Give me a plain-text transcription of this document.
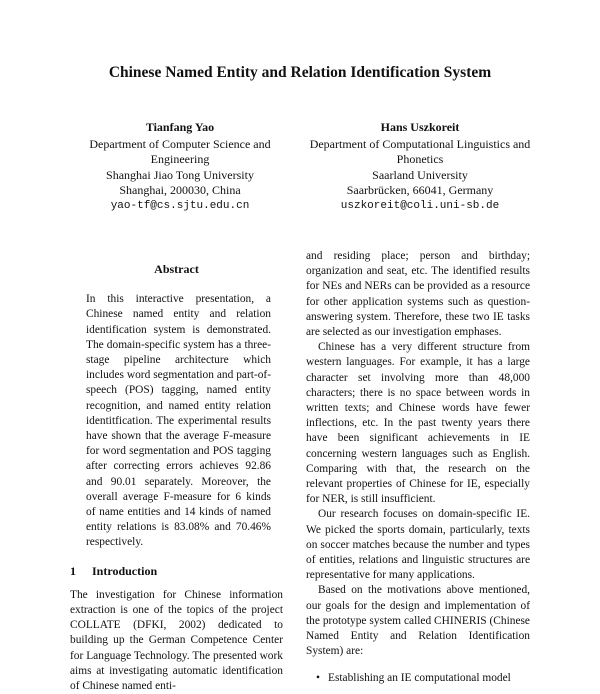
Chinese Named Entity and Relation Identification System
Tianfang Yao
Department of Computer Science and
Engineering
Shanghai Jiao Tong University
Shanghai, 200030, China
yao-tf@cs.sjtu.edu.cn
Hans Uszkoreit
Department of Computational Linguistics and
Phonetics
Saarland University
Saarbrücken, 66041, Germany
uszkoreit@coli.uni-sb.de
Abstract

In this interactive presentation, a Chinese named entity and relation identification system is demonstrated. The domain-specific system has a three-stage pipeline architecture which includes word segmentation and part-of-speech (POS) tagging, named entity recognition, and named entity relation identitfication. The experimental results have shown that the average F-measure for word segmentation and POS tagging after correcting errors achieves 92.86 and 90.01 separately. Moreover, the overall average F-measure for 6 kinds of name entities and 14 kinds of named entity relations is 83.08% and 70.46% respectively.

1 Introduction

The investigation for Chinese information extraction is one of the topics of the project COLLATE (DFKI, 2002) dedicated to building up the German Competence Center for Language Technology. The presented work aims at investigating automatic identification of Chinese named enti-

and residing place; person and birthday; organization and seat, etc. The identified results for NEs and NERs can be provided as a resource for other application systems such as question-answering system. Therefore, these two IE tasks are selected as our investigation emphases.

Chinese has a very different structure from western languages. For example, it has a large character set involving more than 48,000 characters; there is no space between words in written texts; and Chinese words have fewer inflections, etc. In the past twenty years there have been significant achievements in IE concerning western languages such as English. Comparing with that, the research on the relevant properties of Chinese for IE, especially for NER, is still insufficient.

Our research focuses on domain-specific IE. We picked the sports domain, particularly, texts on soccer matches because the number and types of entities, relations and linguistic structures are representative for many applications.

Based on the motivations above mentioned, our goals for the design and implementation of the prototype system called CHINERIS (Chinese Named Entity and Relation Identification System) are:

• Establishing an IE computational model
